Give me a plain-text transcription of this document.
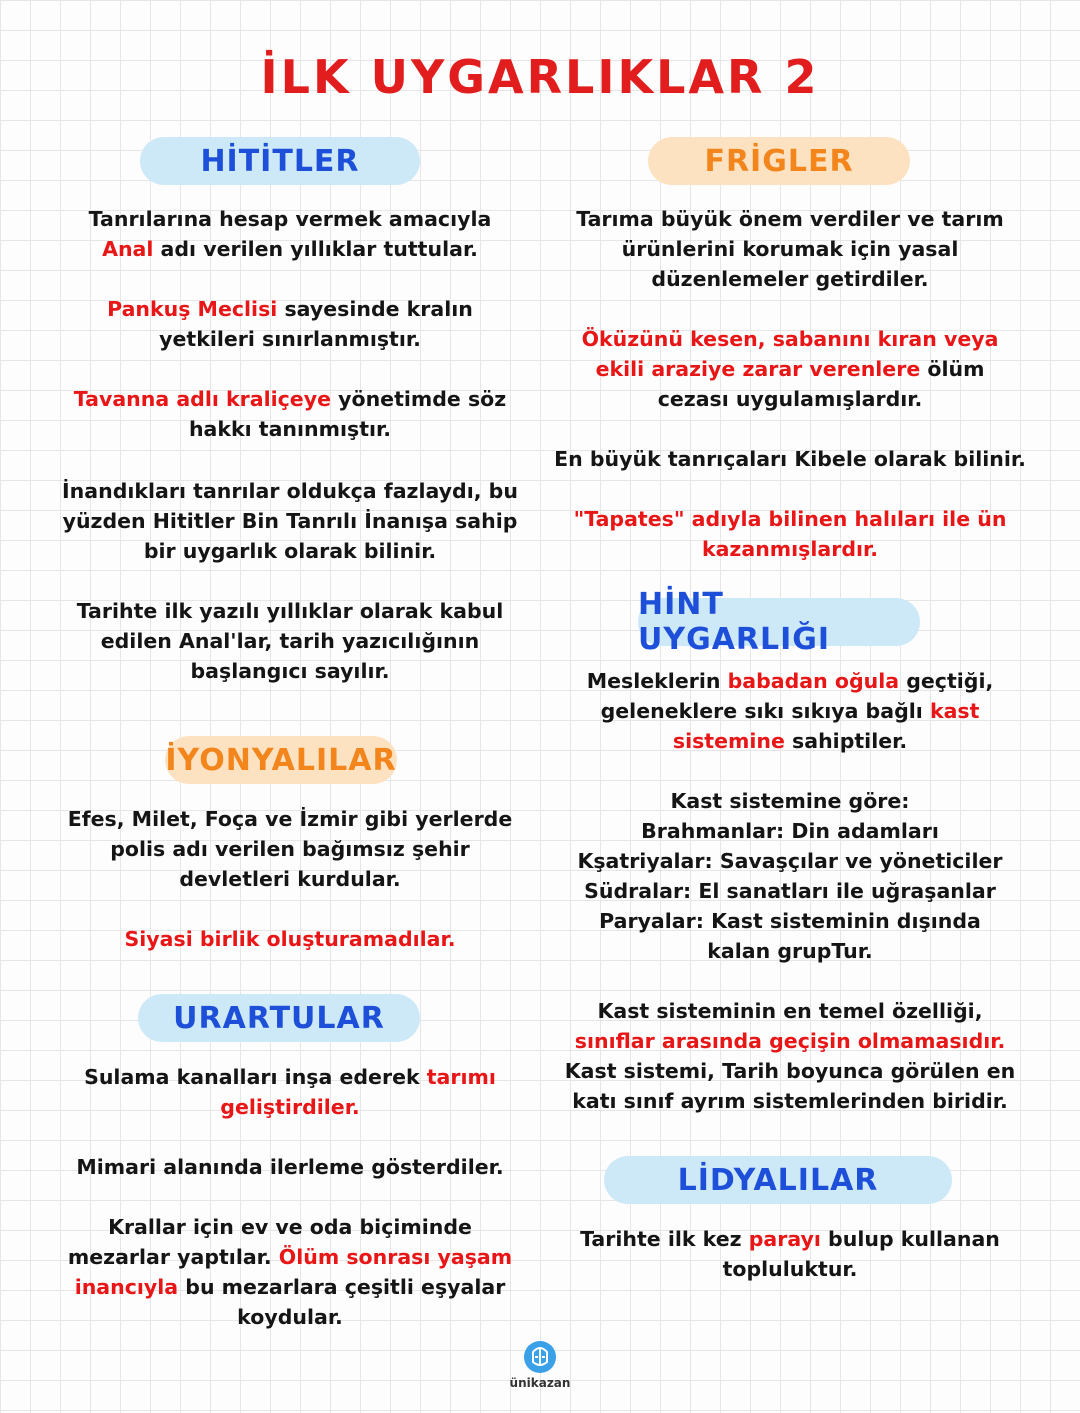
İLK UYGARLIKLAR 2
HİTİTLER
Tanrılarına hesap vermek amacıyla Anal adı verilen yıllıklar tuttular.
Pankuş Meclisi sayesinde kralın yetkileri sınırlanmıştır.
Tavanna adlı kraliçeye yönetimde söz hakkı tanınmıştır.
İnandıkları tanrılar oldukça fazlaydı, bu yüzden Hititler Bin Tanrılı İnanışa sahip bir uygarlık olarak bilinir.
Tarihte ilk yazılı yıllıklar olarak kabul edilen Anal'lar, tarih yazıcılığının başlangıcı sayılır.
İYONYALILAR
Efes, Milet, Foça ve İzmir gibi yerlerde polis adı verilen bağımsız şehir devletleri kurdular.
Siyasi birlik oluşturamadılar.
URARTULAR
Sulama kanalları inşa ederek tarımı geliştirdiler.
Mimari alanında ilerleme gösterdiler.
Krallar için ev ve oda biçiminde mezarlar yaptılar. Ölüm sonrası yaşam inancıyla bu mezarlara çeşitli eşyalar koydular.
FRİGLER
Tarıma büyük önem verdiler ve tarım ürünlerini korumak için yasal düzenlemeler getirdiler.
Öküzünü kesen, sabanını kıran veya ekili araziye zarar verenlere ölüm cezası uygulamışlardır.
En büyük tanrıçaları Kibele olarak bilinir.
"Tapates" adıyla bilinen halıları ile ün kazanmışlardır.
HİNT UYGARLIĞI
Mesleklerin babadan oğula geçtiği, geleneklere sıkı sıkıya bağlı kast sistemine sahiptiler.
Kast sistemine göre:
Brahmanlar: Din adamları
Kşatriyalar: Savaşçılar ve yöneticiler
Südralar: El sanatları ile uğraşanlar
Paryalar: Kast sisteminin dışında kalan grupTur.
Kast sisteminin en temel özelliği, sınıflar arasında geçişin olmamasıdır. Kast sistemi, Tarih boyunca görülen en katı sınıf ayrım sistemlerinden biridir.
LİDYALILAR
Tarihte ilk kez parayı bulup kullanan topluluktur.
ünikazan
